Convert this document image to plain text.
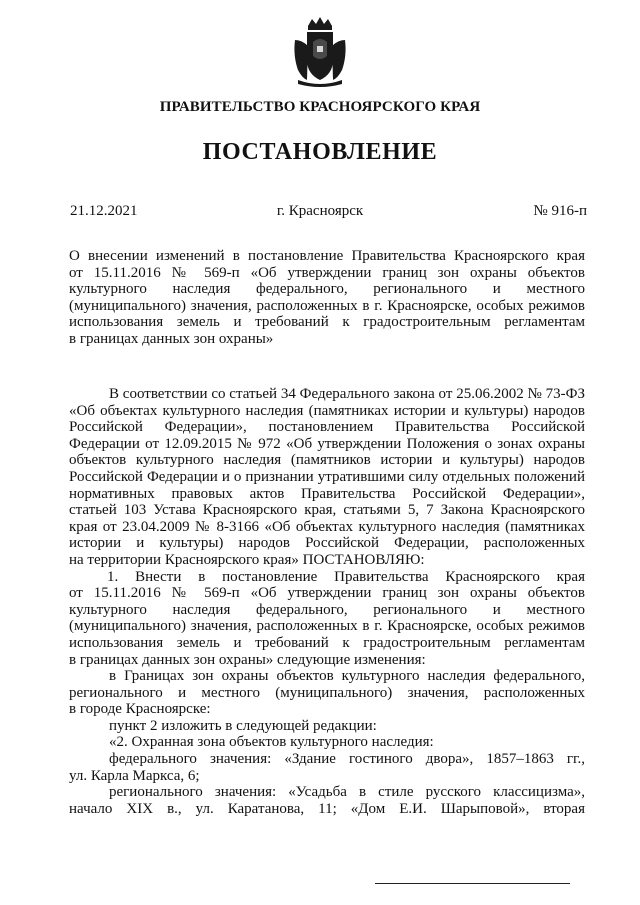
ПРАВИТЕЛЬСТВО КРАСНОЯРСКОГО КРАЯ
ПОСТАНОВЛЕНИЕ
21.12.2021	г. Красноярск	№ 916-п
О внесении изменений в постановление Правительства Красноярского края
от 15.11.2016 № 569-п «Об утверждении границ зон охраны объектов
культурного наследия федерального, регионального и местного
(муниципального) значения, расположенных в г. Красноярске, особых режимов
использования земель и требований к градостроительным регламентам
в границах данных зон охраны»
В соответствии со статьей 34 Федерального закона от 25.06.2002 № 73-ФЗ
«Об объектах культурного наследия (памятниках истории и культуры) народов
Российской Федерации», постановлением Правительства Российской
Федерации от 12.09.2015 № 972 «Об утверждении Положения о зонах охраны
объектов культурного наследия (памятников истории и культуры) народов
Российской Федерации и о признании утратившими силу отдельных положений
нормативных правовых актов Правительства Российской Федерации»,
статьей 103 Устава Красноярского края, статьями 5, 7 Закона Красноярского
края от 23.04.2009 № 8-3166 «Об объектах культурного наследия (памятниках
истории и культуры) народов Российской Федерации, расположенных
на территории Красноярского края» ПОСТАНОВЛЯЮ:
1. Внести в постановление Правительства Красноярского края
от 15.11.2016 № 569-п «Об утверждении границ зон охраны объектов
культурного наследия федерального, регионального и местного
(муниципального) значения, расположенных в г. Красноярске, особых режимов
использования земель и требований к градостроительным регламентам
в границах данных зон охраны» следующие изменения:
в Границах зон охраны объектов культурного наследия федерального,
регионального и местного (муниципального) значения, расположенных
в городе Красноярске:
пункт 2 изложить в следующей редакции:
«2. Охранная зона объектов культурного наследия:
федерального значения: «Здание гостиного двора», 1857–1863 гг.,
ул. Карла Маркса, 6;
регионального значения: «Усадьба в стиле русского классицизма»,
начало XIX в., ул. Каратанова, 11; «Дом Е.И. Шарыповой», вторая
